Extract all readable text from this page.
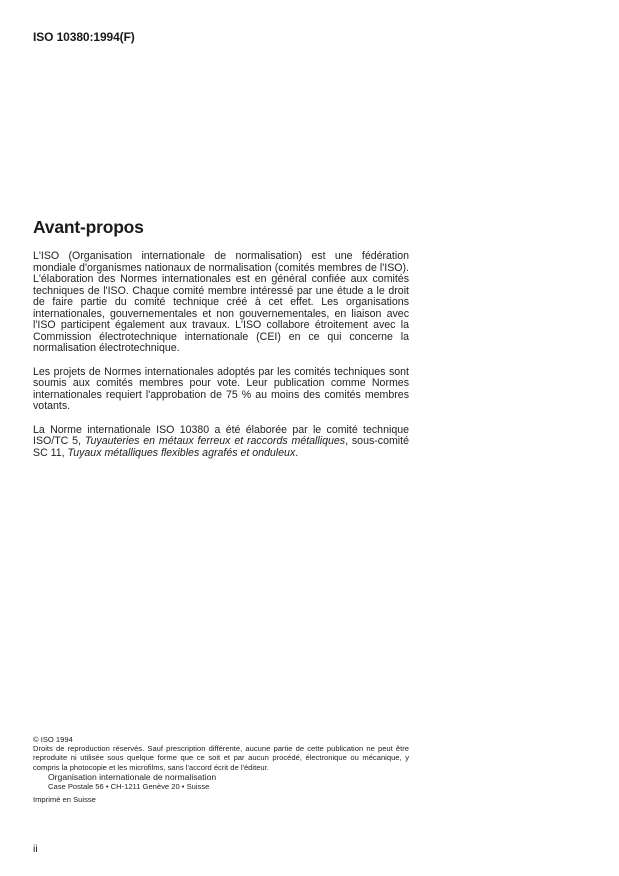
ISO 10380:1994(F)
Avant-propos

L'ISO (Organisation internationale de normalisation) est une fédération mondiale d'organismes nationaux de normalisation (comités membres de l'ISO). L'élaboration des Normes internationales est en général confiée aux comités techniques de l'ISO. Chaque comité membre intéressé par une étude a le droit de faire partie du comité technique créé à cet effet. Les organisations internationales, gouvernementales et non gouvernementales, en liaison avec l'ISO participent également aux travaux. L'ISO collabore étroitement avec la Commission électrotechnique internationale (CEI) en ce qui concerne la normalisation électrotechnique.

Les projets de Normes internationales adoptés par les comités techniques sont soumis aux comités membres pour vote. Leur publication comme Normes internationales requiert l'approbation de 75 % au moins des comités membres votants.

La Norme internationale ISO 10380 a été élaborée par le comité technique ISO/TC 5, Tuyauteries en métaux ferreux et raccords métalliques, sous-comité SC 11, Tuyaux métalliques flexibles agrafés et onduleux.

© ISO 1994
Droits de reproduction réservés. Sauf prescription différente, aucune partie de cette publication ne peut être reproduite ni utilisée sous quelque forme que ce soit et par aucun procédé, électronique ou mécanique, y compris la photocopie et les microfilms, sans l'accord écrit de l'éditeur.
Organisation internationale de normalisation
Case Postale 56 • CH-1211 Genève 20 • Suisse
Imprimé en Suisse
ii
